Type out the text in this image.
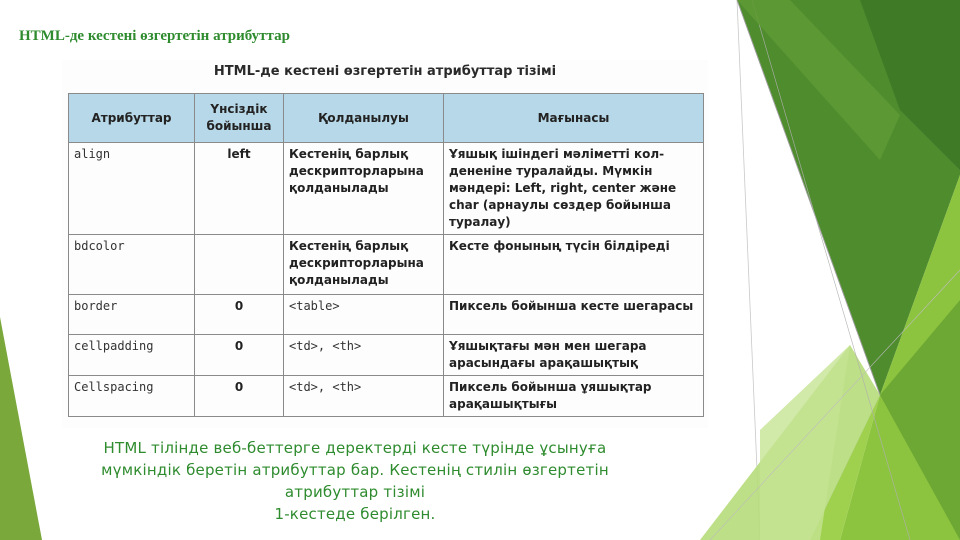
HTML-де кестені өзгертетін атрибуттар
HTML-де кестені өзгертетін атрибуттар тізімі
Атрибуттар	Үнсіздік бойынша	Қолданылуы	Мағынасы
align	left	Кестенің барлық дескрипторларына қолданылады	Ұяшық ішіндегі мәліметті кол-дененіне туралайды. Мүмкін мәндері: Left, right, center және char (арнаулы сөздер бойынша туралау)
bdcolor		Кестенің барлық дескрипторларына қолданылады	Кесте фонының түсін білдіреді
border	0	<table>	Пиксель бойынша кесте шегарасы
cellpadding	0	<td>, <th>	Ұяшықтағы мән мен шегара арасындағы арақашықтық
Cellspacing	0	<td>, <th>	Пиксель бойынша ұяшықтар арақашықтығы

HTML тілінде веб-беттерге деректерді кесте түрінде ұсынуға
мүмкіндік беретін атрибуттар бар. Кестенің стилін өзгертетін
атрибуттар тізімі
1-кестеде берілген.
